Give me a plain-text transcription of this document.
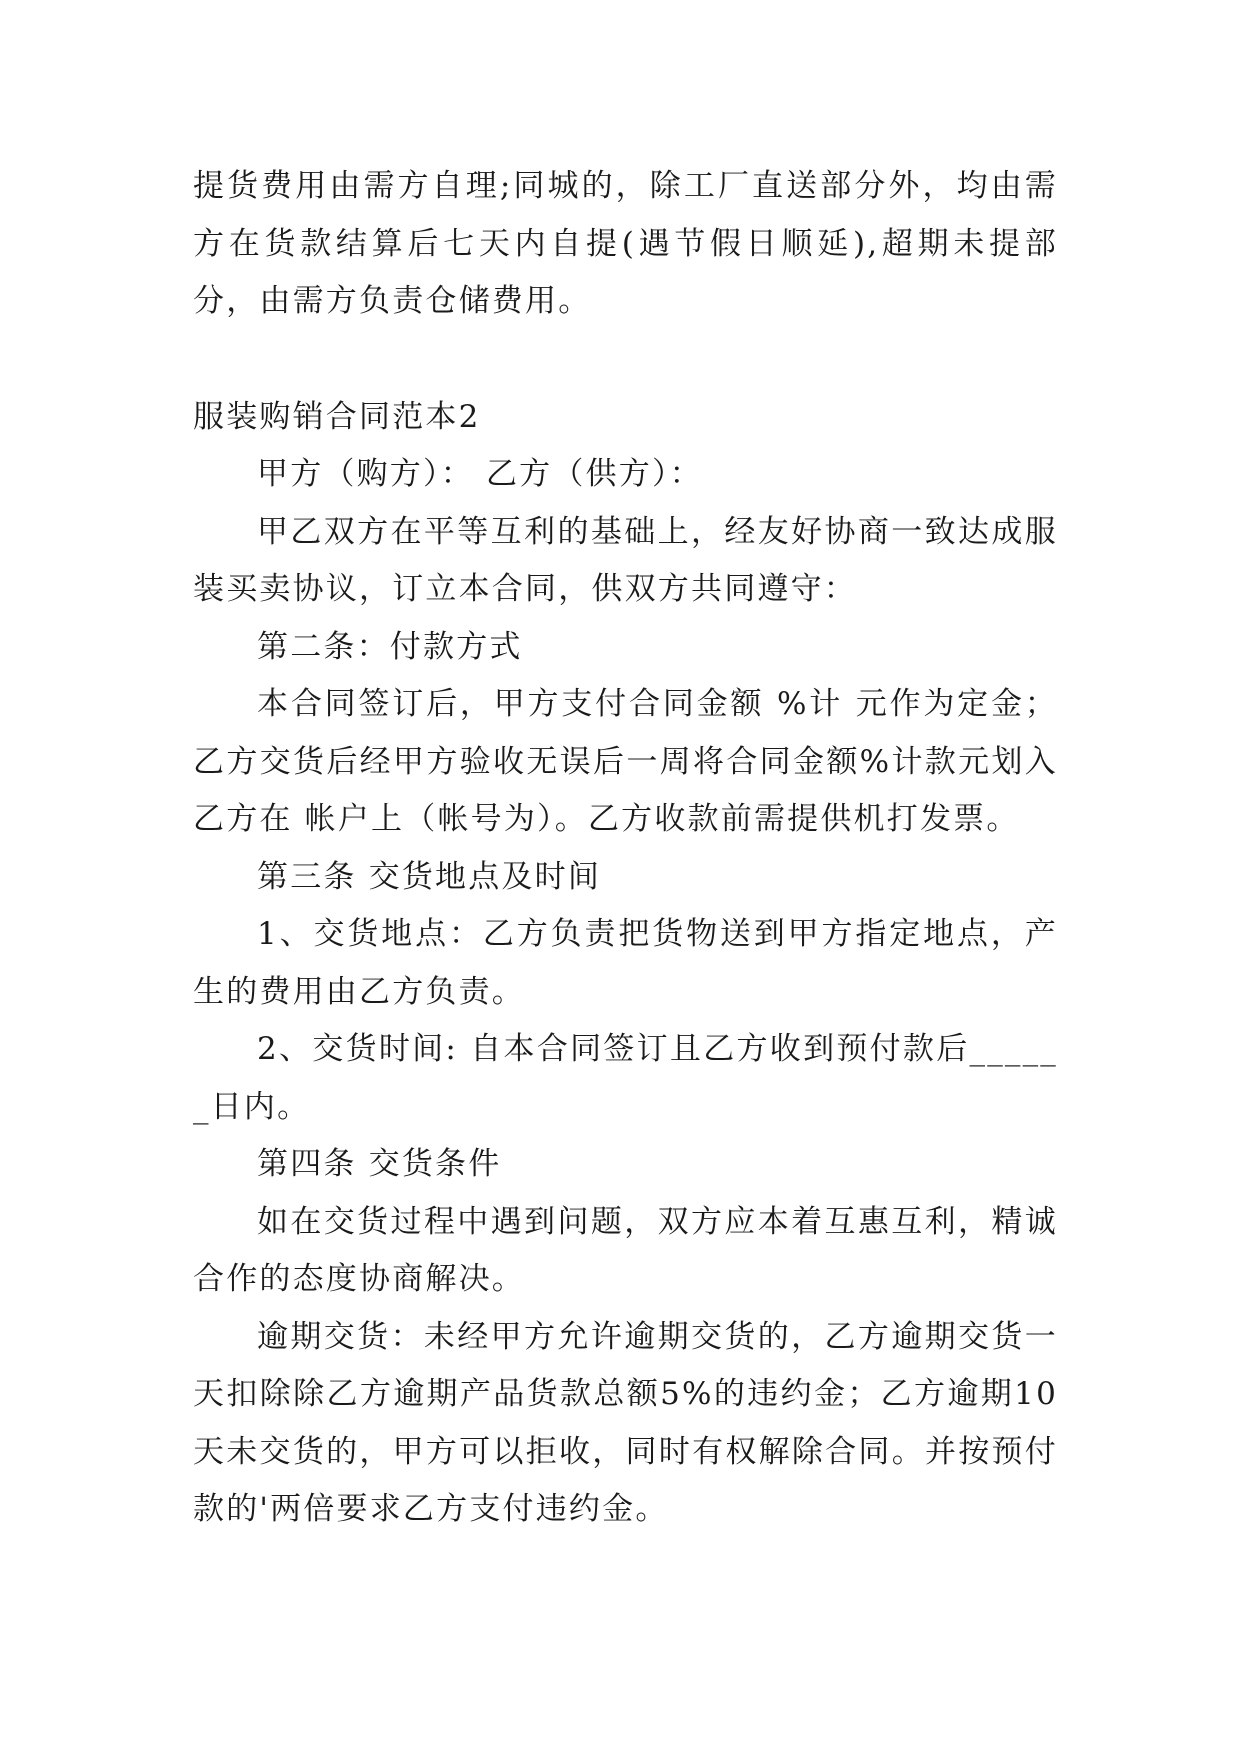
提货费用由需方自理;同城的，除工厂直送部分外，均由需方在货款结算后七天内自提(遇节假日顺延),超期未提部分，由需方负责仓储费用。

服装购销合同范本2

甲方（购方）： 乙方（供方）：

甲乙双方在平等互利的基础上，经友好协商一致达成服装买卖协议，订立本合同，供双方共同遵守：

第二条：付款方式

本合同签订后，甲方支付合同金额 %计 元作为定金；乙方交货后经甲方验收无误后一周将合同金额%计款元划入乙方在 帐户上（帐号为）。乙方收款前需提供机打发票。

第三条 交货地点及时间

1、交货地点：乙方负责把货物送到甲方指定地点，产生的费用由乙方负责。

2、交货时间: 自本合同签订且乙方收到预付款后______日内。

第四条 交货条件

如在交货过程中遇到问题，双方应本着互惠互利，精诚合作的态度协商解决。

逾期交货：未经甲方允许逾期交货的，乙方逾期交货一天扣除除乙方逾期产品货款总额5%的违约金；乙方逾期10天未交货的，甲方可以拒收，同时有权解除合同。并按预付款的'两倍要求乙方支付违约金。
